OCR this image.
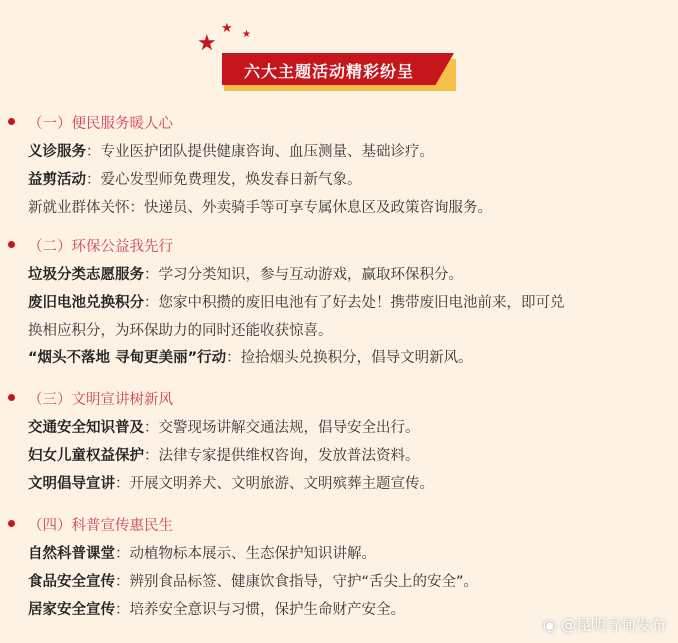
★
★ ★
六大主题活动精彩纷呈
（一）便民服务暖人心
义诊服务：专业医护团队提供健康咨询、血压测量、基础诊疗。
益剪活动：爱心发型师免费理发，焕发春日新气象。
新就业群体关怀：快递员、外卖骑手等可享专属休息区及政策咨询服务。
（二）环保公益我先行
垃圾分类志愿服务：学习分类知识，参与互动游戏，赢取环保积分。
废旧电池兑换积分：您家中积攒的废旧电池有了好去处！携带废旧电池前来，即可兑
换相应积分，为环保助力的同时还能收获惊喜。
“烟头不落地 寻甸更美丽”行动：捡拾烟头兑换积分，倡导文明新风。
（三）文明宣讲树新风
交通安全知识普及：交警现场讲解交通法规，倡导安全出行。
妇女儿童权益保护：法律专家提供维权咨询，发放普法资料。
文明倡导宣讲：开展文明养犬、文明旅游、文明殡葬主题宣传。
（四）科普宣传惠民生
自然科普课堂：动植物标本展示、生态保护知识讲解。
食品安全宣传：辨别食品标签、健康饮食指导，守护“舌尖上的安全”。
居家安全宣传：培养安全意识与习惯，保护生命财产安全。
◉ @昆明寻甸发布
